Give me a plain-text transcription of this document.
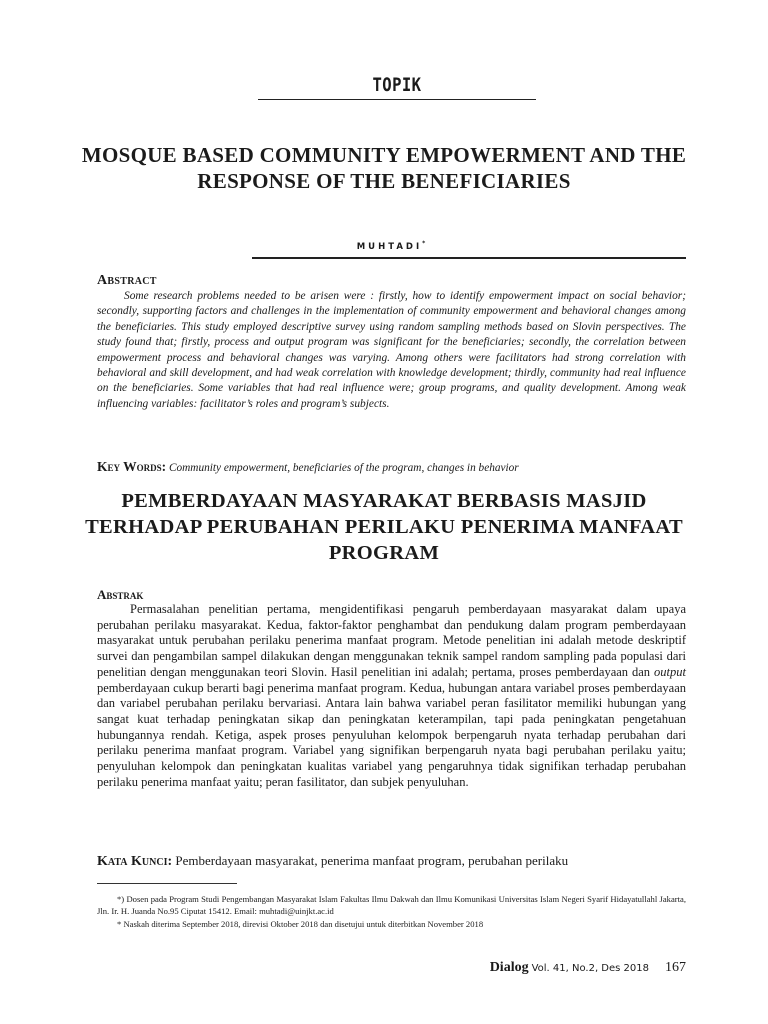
TOPIK
MOSQUE BASED COMMUNITY EMPOWERMENT AND THE RESPONSE OF THE BENEFICIARIES
MUHTADI*
Abstract
Some research problems needed to be arisen were : firstly, how to identify empowerment impact on social behavior; secondly, supporting factors and challenges in the implementation of community empowerment and behavioral changes among the beneficiaries. This study employed descriptive survey using random sampling methods based on Slovin perspectives. The study found that; firstly, process and output program was significant for the beneficiaries; secondly, the correlation between empowerment process and behavioral changes was varying. Among others were facilitators had strong correlation with behavioral and skill development, and had weak correlation with knowledge development; thirdly, community had real influence on the beneficiaries. Some variables that had real influence were; group programs, and quality development. Among weak influencing variables: facilitator’s roles and program’s subjects.
Key Words: Community empowerment, beneficiaries of the program, changes in behavior
PEMBERDAYAAN MASYARAKAT BERBASIS MASJID TERHADAP PERUBAHAN PERILAKU PENERIMA MANFAAT PROGRAM
Abstrak
Permasalahan penelitian pertama, mengidentifikasi pengaruh pemberdayaan masyarakat dalam upaya perubahan perilaku masyarakat. Kedua, faktor-faktor penghambat dan pendukung dalam program pemberdayaan masyarakat untuk perubahan perilaku penerima manfaat program. Metode penelitian ini adalah metode deskriptif survei dan pengambilan sampel dilakukan dengan menggunakan teknik sampel random sampling pada populasi dari penelitian dengan menggunakan teori Slovin. Hasil penelitian ini adalah; pertama, proses pemberdayaan dan output pemberdayaan cukup berarti bagi penerima manfaat program. Kedua, hubungan antara variabel proses pemberdayaan dan variabel perubahan perilaku bervariasi. Antara lain bahwa variabel peran fasilitator memiliki hubungan yang sangat kuat terhadap peningkatan sikap dan peningkatan keterampilan, tapi pada peningkatan pengetahuan hubungannya rendah. Ketiga, aspek proses penyuluhan kelompok berpengaruh nyata terhadap perubahan dari perilaku penerima manfaat program. Variabel yang signifikan berpengaruh nyata bagi perubahan perilaku yaitu; penyuluhan kelompok dan peningkatan kualitas variabel yang pengaruhnya tidak signifikan terhadap perubahan perilaku penerima manfaat yaitu; peran fasilitator, dan subjek penyuluhan.
Kata Kunci: Pemberdayaan masyarakat, penerima manfaat program, perubahan perilaku
*) Dosen pada Program Studi Pengembangan Masyarakat Islam Fakultas Ilmu Dakwah dan Ilmu Komunikasi Universitas Islam Negeri Syarif Hidayatullahl Jakarta, Jln. Ir. H. Juanda No.95 Ciputat 15412. Email: muhtadi@uinjkt.ac.id
* Naskah diterima September 2018, direvisi Oktober 2018 dan disetujui untuk diterbitkan November 2018
Dialog Vol. 41, No.2, Des 2018 167
